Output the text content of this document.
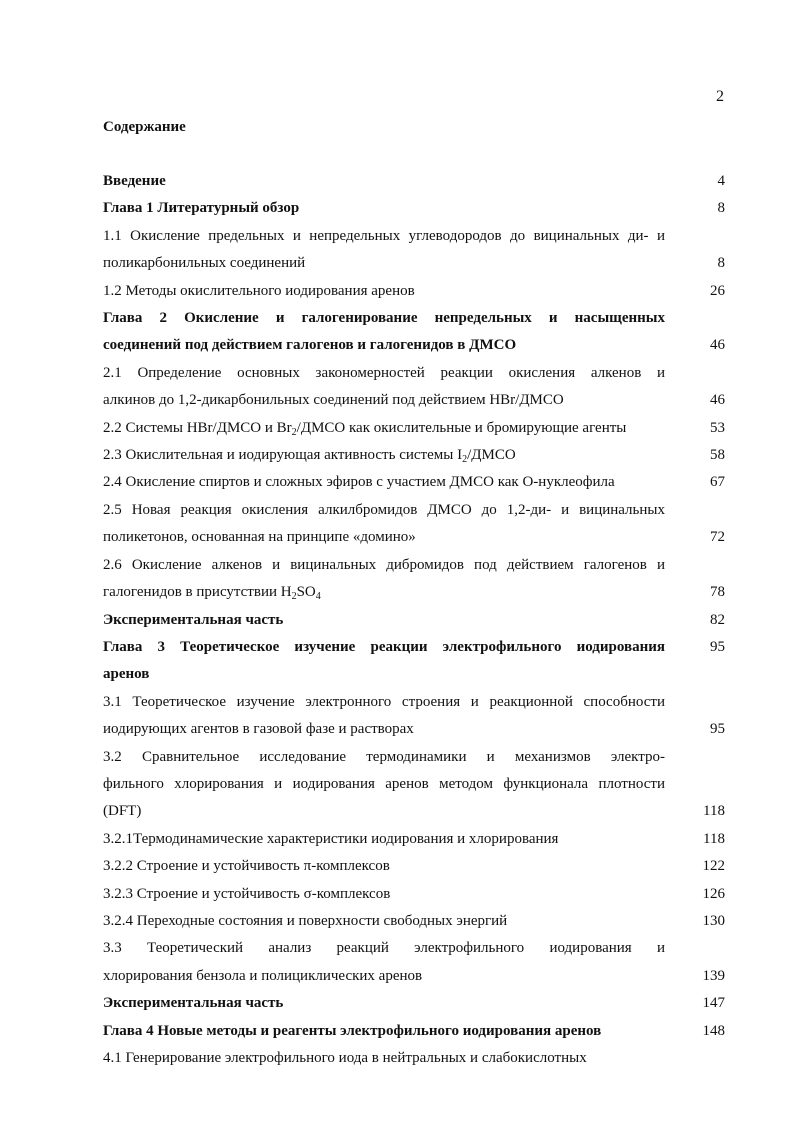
2
Содержание
Введение	4
Глава 1 Литературный обзор	8
1.1 Окисление предельных и непредельных углеводородов до вицинальных ди- и
поликарбонильных соединений	8
1.2 Методы окислительного иодирования аренов	26
Глава 2 Окисление и галогенирование непредельных и насыщенных
соединений под действием галогенов и галогенидов в ДМСО	46
2.1 Определение основных закономерностей реакции окисления алкенов и
алкинов до 1,2-дикарбонильных соединений под действием HBr/ДМСО	46
2.2 Системы HBr/ДМСО и $Br_2$/ДМСО как окислительные и бромирующие агенты	53
2.3 Окислительная и иодирующая активность системы $I_2$/ДМСО	58
2.4 Окисление спиртов и сложных эфиров с участием ДМСО как О-нуклеофила	67
2.5 Новая реакция окисления алкилбромидов ДМСО до 1,2-ди- и вицинальных
поликетонов, основанная на принципе «домино»	72
2.6 Окисление алкенов и вицинальных дибромидов под действием галогенов и
галогенидов в присутствии $H_2SO_4$	78
Экспериментальная часть	82
Глава 3 Теоретическое изучение реакции электрофильного иодирования	95
аренов
3.1 Теоретическое изучение электронного строения и реакционной способности
иодирующих агентов в газовой фазе и растворах	95
3.2 Сравнительное исследование термодинамики и механизмов электро-
фильного хлорирования и иодирования аренов методом функционала плотности
(DFT)	118
3.2.1Термодинамические характеристики иодирования и хлорирования	118
3.2.2 Строение и устойчивость π-комплексов	122
3.2.3 Строение и устойчивость σ-комплексов	126
3.2.4 Переходные состояния и поверхности свободных энергий	130
3.3 Теоретический анализ реакций электрофильного иодирования и
хлорирования бензола и полициклических аренов	139
Экспериментальная часть	147
Глава 4 Новые методы и реагенты электрофильного иодирования аренов	148
4.1 Генерирование электрофильного иода в нейтральных и слабокислотных
